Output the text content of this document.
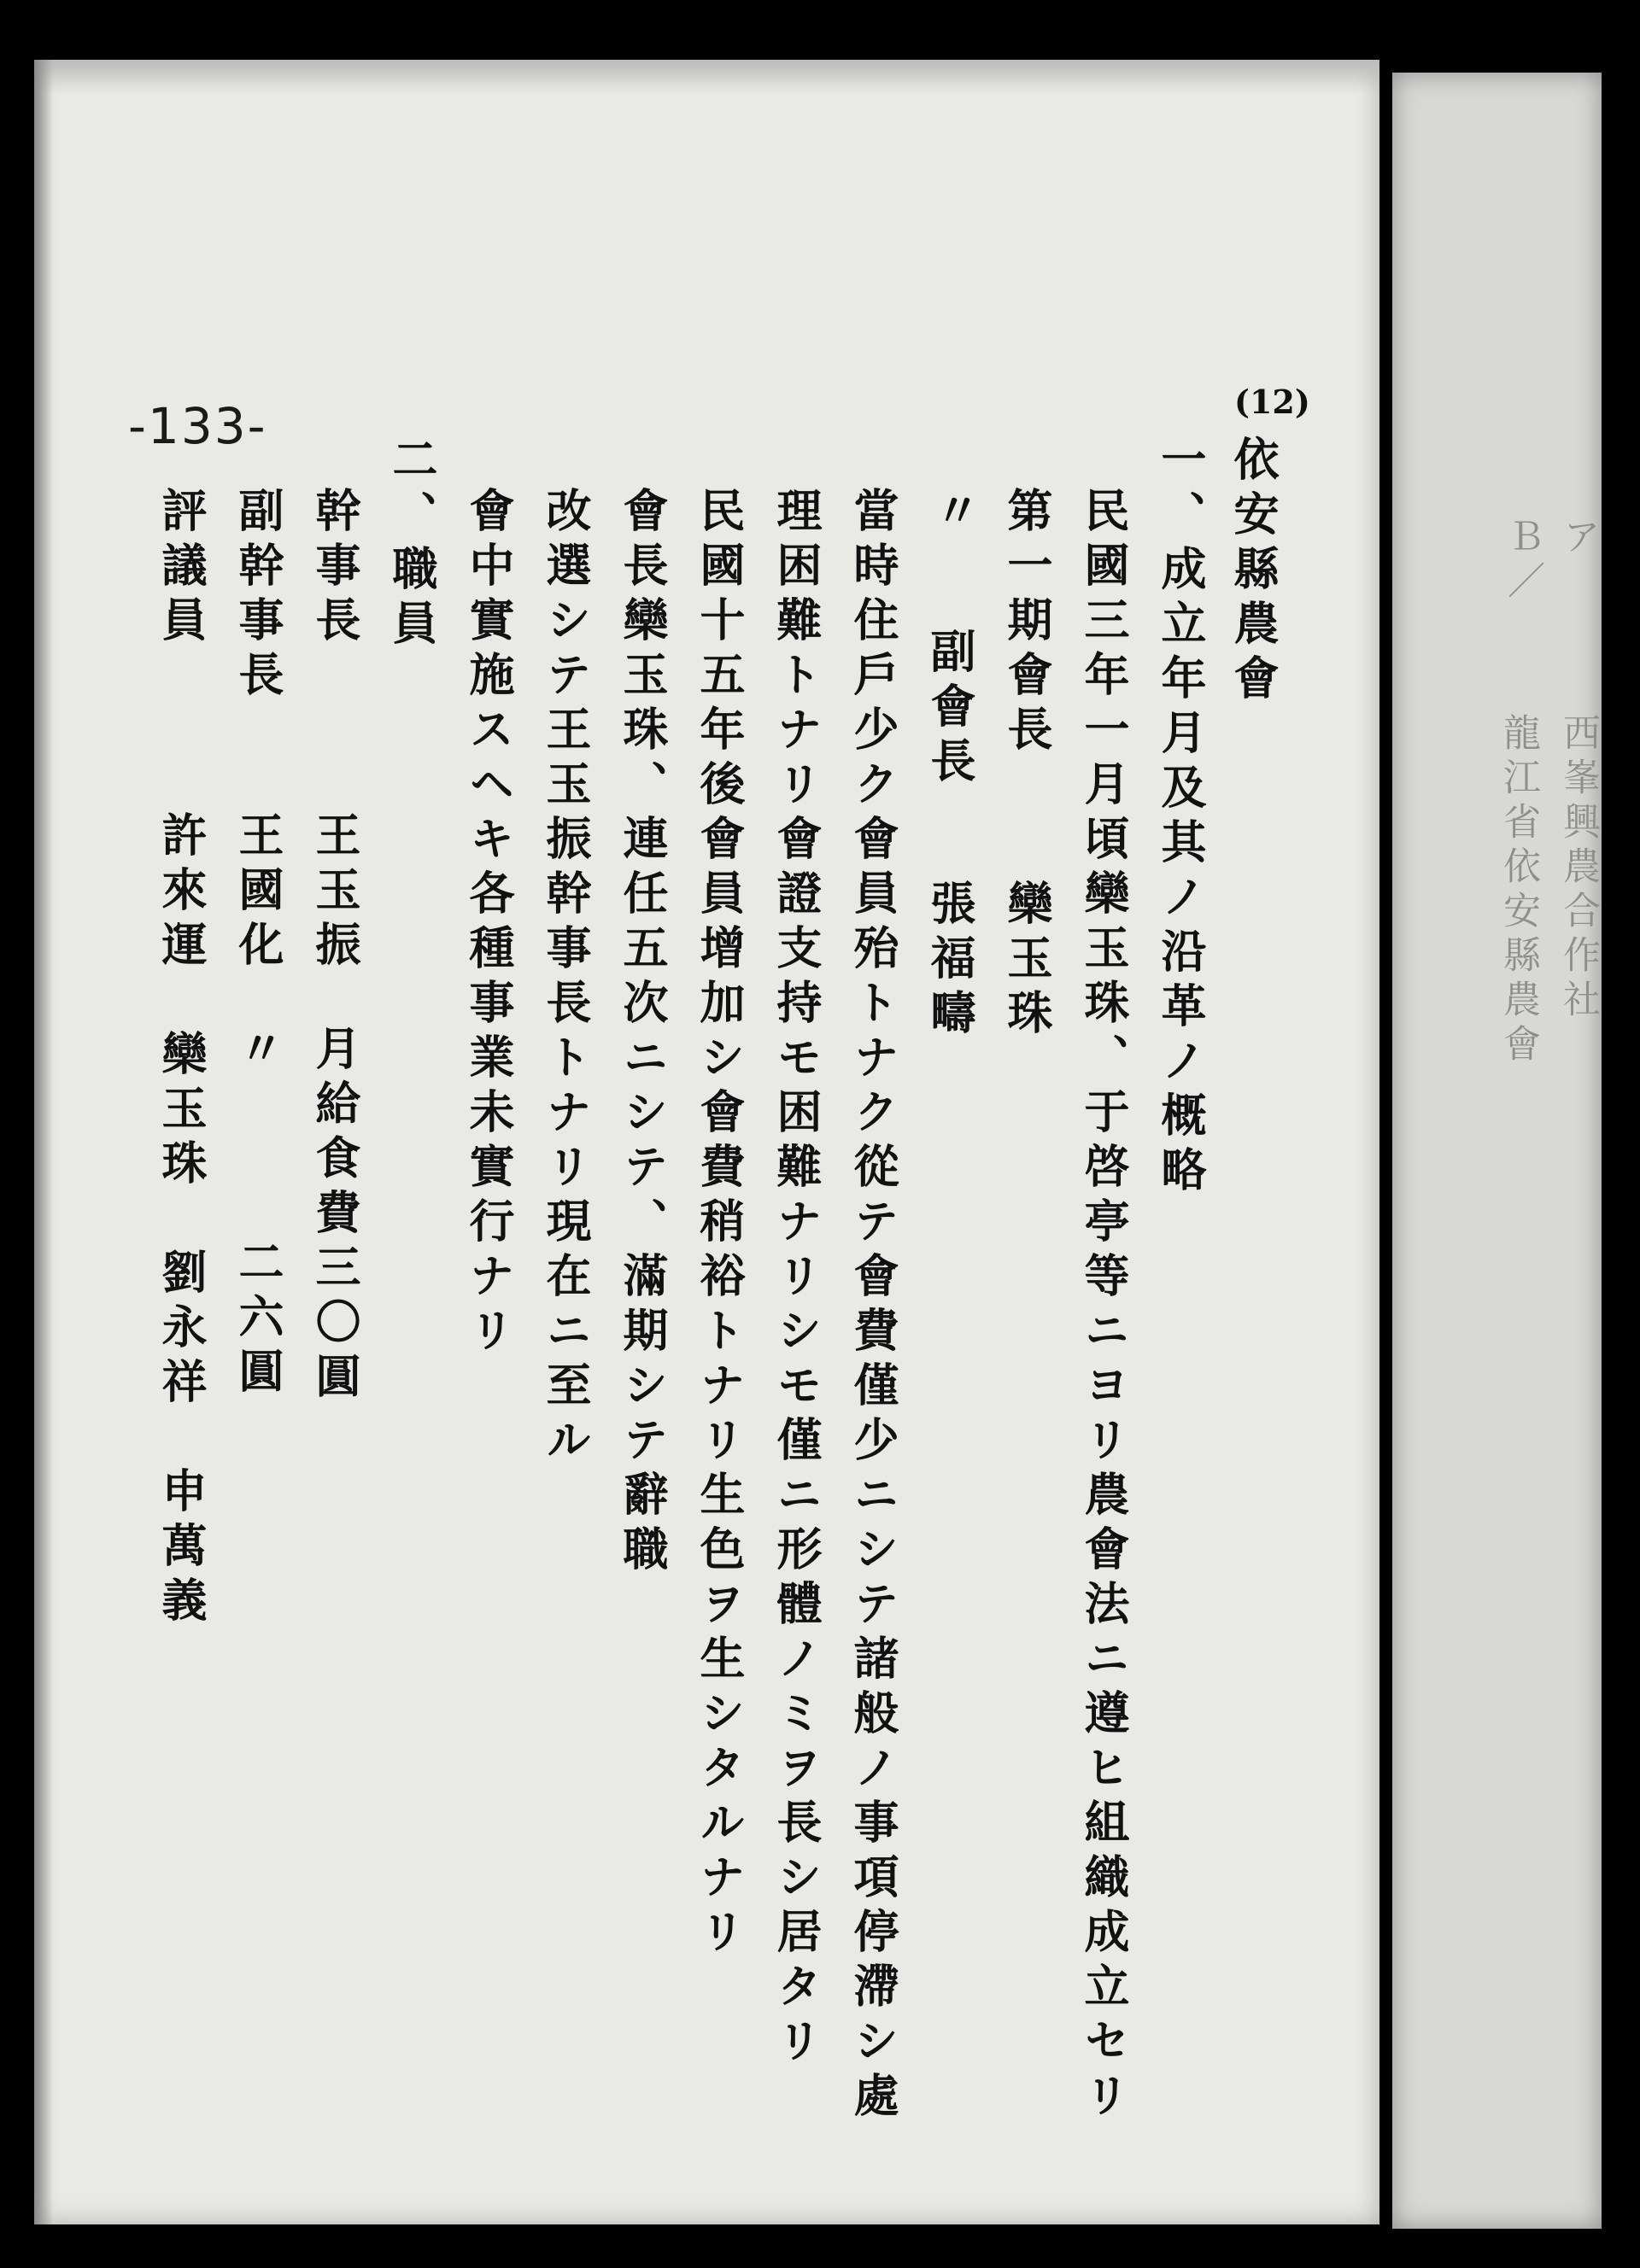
ア
Ｂ／
西峯興農合作社
龍江省依安縣農會
-133-	(12)
依安縣農會
一、成立年月及其ノ沿革ノ概略
民國三年一月頃欒玉珠、于啓亭等ニヨリ農會法ニ遵ヒ組織成立セリ
第一期會長
欒玉珠
〃
副會長
張福疇
當時住戶少ク會員殆トナク從テ會費僅少ニシテ諸般ノ事項停滯シ處
理困難トナリ會證支持モ困難ナリシモ僅ニ形體ノミヲ長シ居タリ
民國十五年後會員增加シ會費稍裕トナリ生色ヲ生シタルナリ
會長欒玉珠、連任五次ニシテ、滿期シテ辭職
改選シテ王玉振幹事長トナリ現在ニ至ル
會中實施スヘキ各種事業未實行ナリ
二、職員
幹事長
王玉振
月給食費三〇圓
副幹事長
王國化
〃
二六圓
評議員
許來運　欒玉珠　劉永祥　申萬義
